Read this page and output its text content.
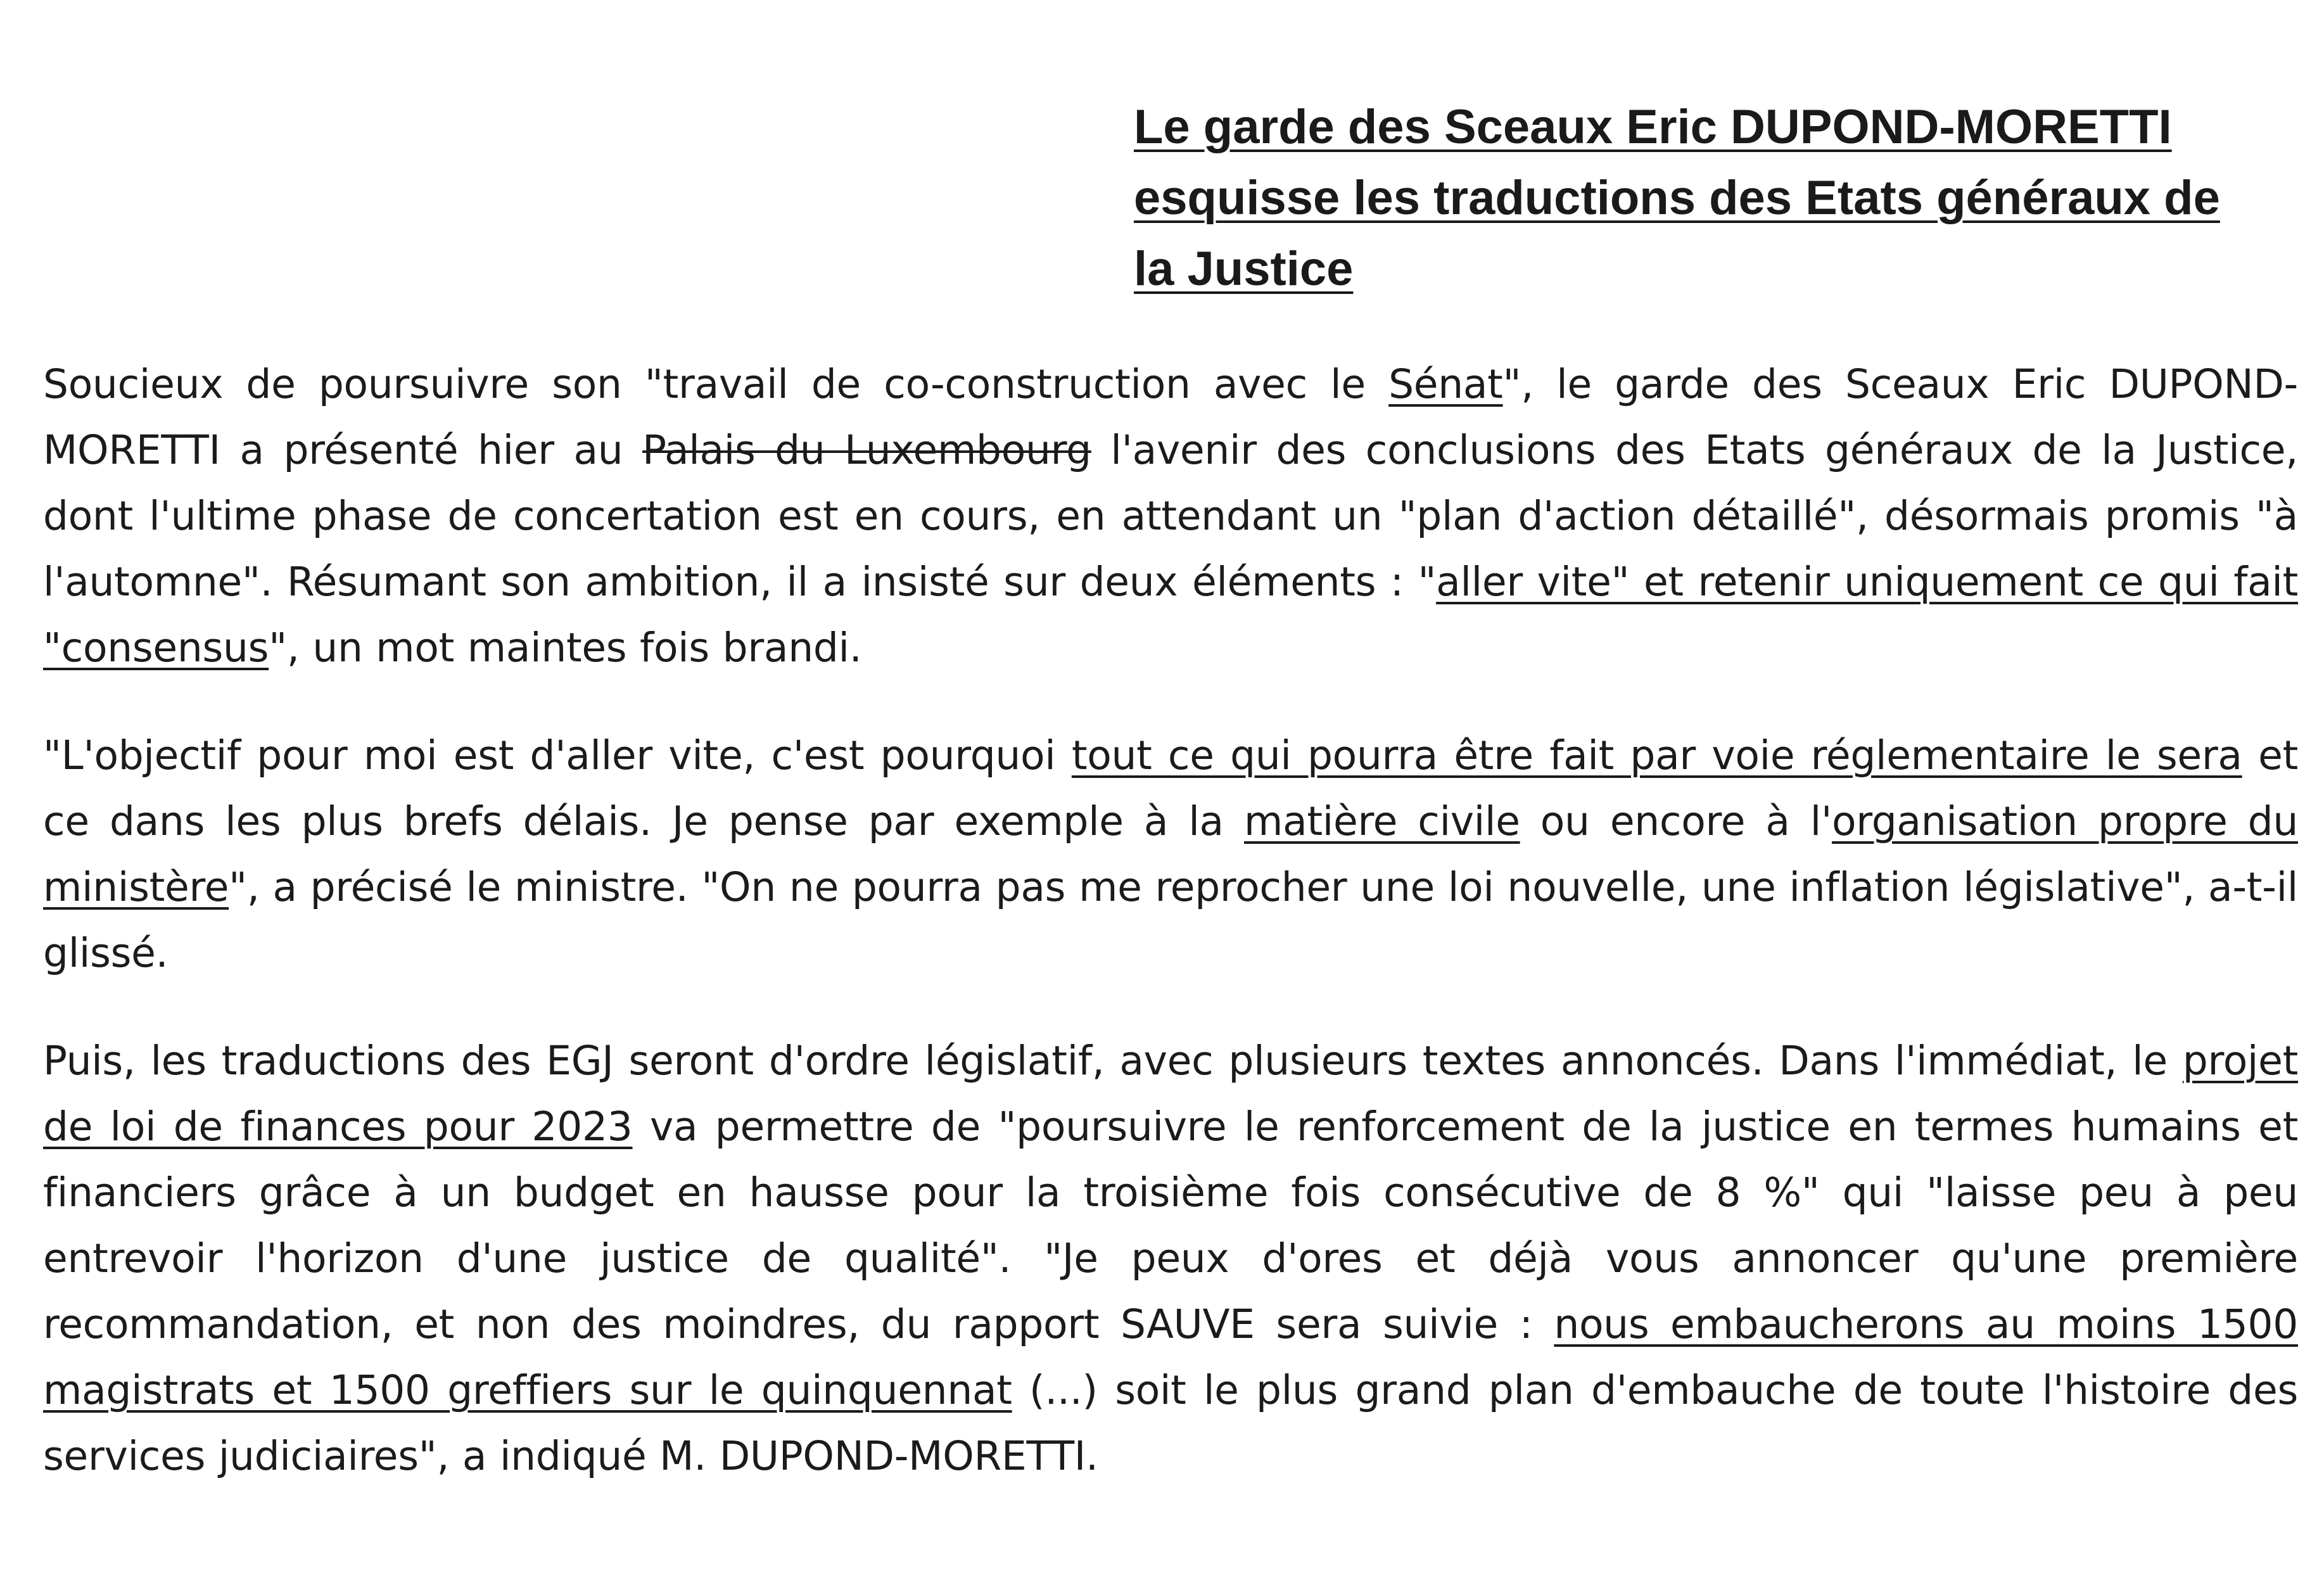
Le garde des Sceaux Eric DUPOND-MORETTI
esquisse les traductions des Etats généraux de
la Justice

Soucieux de poursuivre son "travail de co-construction avec le Sénat", le garde des Sceaux Eric DUPOND-MORETTI a présenté hier au Palais du Luxembourg l'avenir des conclusions des Etats généraux de la Justice, dont l'ultime phase de concertation est en cours, en attendant un "plan d'action détaillé", désormais promis "à l'automne". Résumant son ambition, il a insisté sur deux éléments : "aller vite" et retenir uniquement ce qui fait "consensus", un mot maintes fois brandi.

"L'objectif pour moi est d'aller vite, c'est pourquoi tout ce qui pourra être fait par voie réglementaire le sera et ce dans les plus brefs délais. Je pense par exemple à la matière civile ou encore à l'organisation propre du ministère", a précisé le ministre. "On ne pourra pas me reprocher une loi nouvelle, une inflation législative", a-t-il glissé.

Puis, les traductions des EGJ seront d'ordre législatif, avec plusieurs textes annoncés. Dans l'immédiat, le projet de loi de finances pour 2023 va permettre de "poursuivre le renforcement de la justice en termes humains et financiers grâce à un budget en hausse pour la troisième fois consécutive de 8 %" qui "laisse peu à peu entrevoir l'horizon d'une justice de qualité". "Je peux d'ores et déjà vous annoncer qu'une première recommandation, et non des moindres, du rapport SAUVE sera suivie : nous embaucherons au moins 1500 magistrats et 1500 greffiers sur le quinquennat (...) soit le plus grand plan d'embauche de toute l'histoire des services judiciaires", a indiqué M. DUPOND-MORETTI.
